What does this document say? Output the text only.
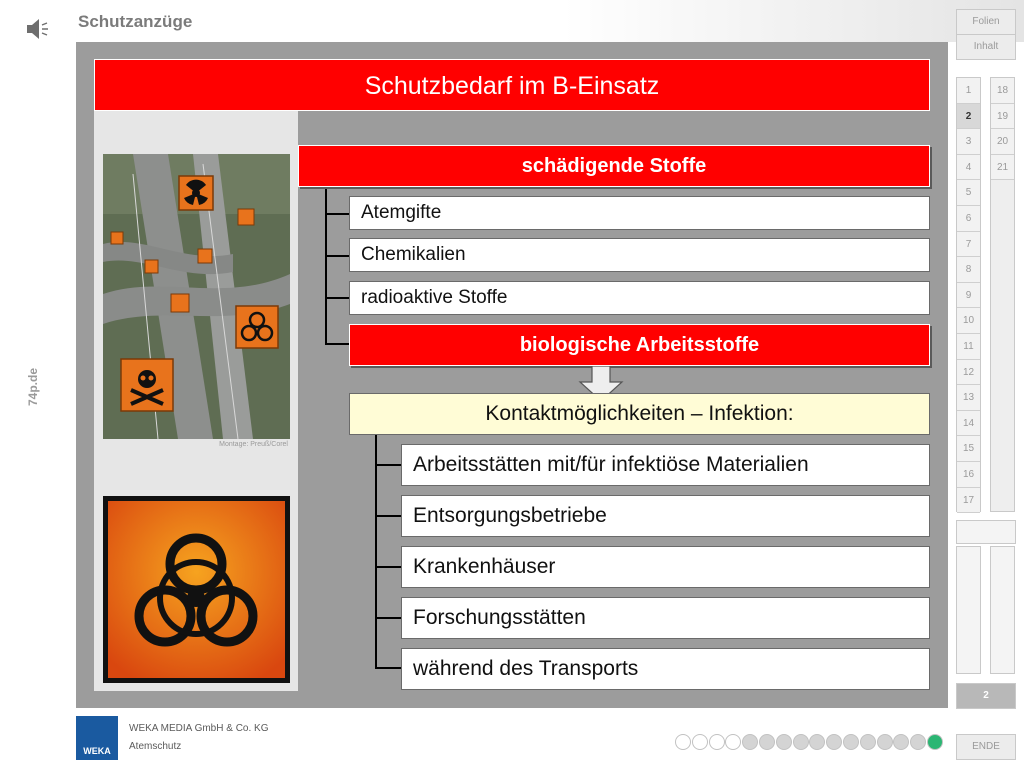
Schutzanzüge
74p.de
Montage: Preuß/Corel
Schutzbedarf im B-Einsatz
schädigende Stoffe
Atemgifte
Chemikalien
radioaktive Stoffe
biologische Arbeitsstoffe
Kontaktmöglichkeiten – Infektion:
Arbeitsstätten mit/für infektiöse Materialien
Entsorgungsbetriebe
Krankenhäuser
Forschungsstätten
während des Transports
Folien
Inhalt
1
2
3
4
5
6
7
8
9
10
11
12
13
14
15
16
17
18
19
20
21
2
ENDE
WEKA
WEKA MEDIA GmbH & Co. KG
Atemschutz
